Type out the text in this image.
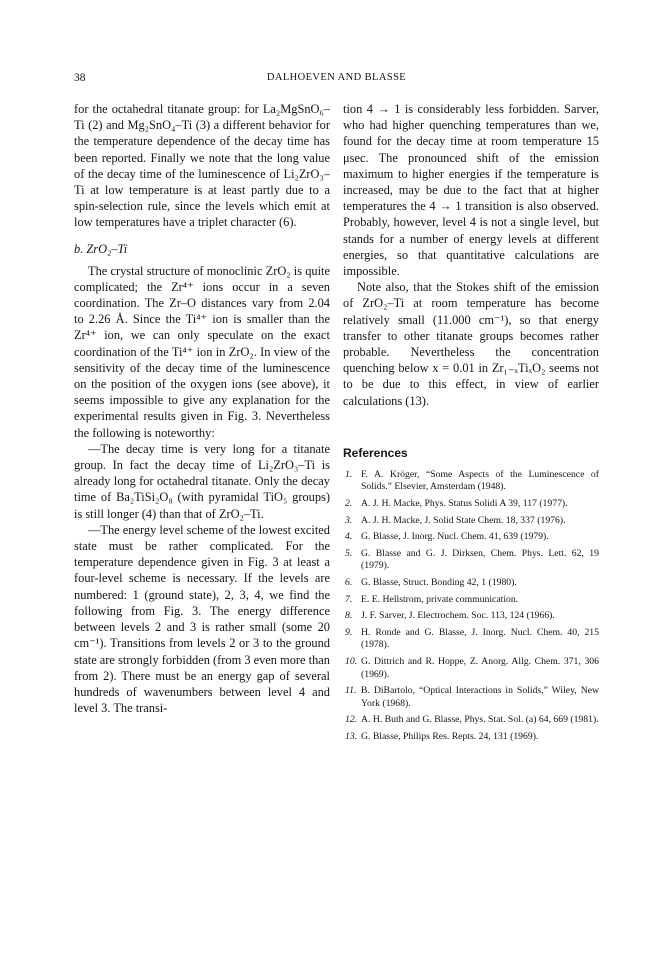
38	DALHOEVEN AND BLASSE

for the octahedral titanate group: for La₂MgSnO₆–Ti (2) and Mg₂SnO₄–Ti (3) a different behavior for the temperature dependence of the decay time has been reported. Finally we note that the long value of the decay time of the luminescence of Li₂ZrO₃–Ti at low temperature is at least partly due to a spin-selection rule, since the levels which emit at low temperatures have a triplet character (6).

b. ZrO₂–Ti

The crystal structure of monoclinic ZrO₂ is quite complicated; the Zr⁴⁺ ions occur in a seven coordination. The Zr–O distances vary from 2.04 to 2.26 Å. Since the Ti⁴⁺ ion is smaller than the Zr⁴⁺ ion, we can only speculate on the exact coordination of the Ti⁴⁺ ion in ZrO₂. In view of the sensitivity of the decay time of the luminescence on the position of the oxygen ions (see above), it seems impossible to give any explanation for the experimental results given in Fig. 3. Nevertheless the following is noteworthy:

—The decay time is very long for a titanate group. In fact the decay time of Li₂ZrO₃–Ti is already long for octahedral titanate. Only the decay time of Ba₂TiSi₂O₈ (with pyramidal TiO₅ groups) is still longer (4) than that of ZrO₂–Ti.

—The energy level scheme of the lowest excited state must be rather complicated. For the temperature dependence given in Fig. 3 at least a four-level scheme is necessary. If the levels are numbered: 1 (ground state), 2, 3, 4, we find the following from Fig. 3. The energy difference between levels 2 and 3 is rather small (some 20 cm⁻¹). Transitions from levels 2 or 3 to the ground state are strongly forbidden (from 3 even more than from 2). There must be an energy gap of several hundreds of wavenumbers between level 4 and level 3. The transi-

tion 4 → 1 is considerably less forbidden. Sarver, who had higher quenching temperatures than we, found for the decay time at room temperature 15 μsec. The pronounced shift of the emission maximum to higher energies if the temperature is increased, may be due to the fact that at higher temperatures the 4 → 1 transition is also observed. Probably, however, level 4 is not a single level, but stands for a number of energy levels at different energies, so that quantitative calculations are impossible.

Note also, that the Stokes shift of the emission of ZrO₂–Ti at room temperature has become relatively small (11.000 cm⁻¹), so that energy transfer to other titanate groups becomes rather probable. Nevertheless the concentration quenching below x = 0.01 in Zr₁₋ₓTiₓO₂ seems not to be due to this effect, in view of earlier calculations (13).

References
1. F. A. Kröger, “Some Aspects of the Luminescence of Solids.” Elsevier, Amsterdam (1948).
2. A. J. H. Macke, Phys. Status Solidi A 39, 117 (1977).
3. A. J. H. Macke, J. Solid State Chem. 18, 337 (1976).
4. G. Blasse, J. Inorg. Nucl. Chem. 41, 639 (1979).
5. G. Blasse and G. J. Dirksen, Chem. Phys. Lett. 62, 19 (1979).
6. G. Blasse, Struct. Bonding 42, 1 (1980).
7. E. E. Hellstrom, private communication.
8. J. F. Sarver, J. Electrochem. Soc. 113, 124 (1966).
9. H. Ronde and G. Blasse, J. Inorg. Nucl. Chem. 40, 215 (1978).
10. G. Dittrich and R. Hoppe, Z. Anorg. Allg. Chem. 371, 306 (1969).
11. B. DiBartolo, “Optical Interactions in Solids,” Wiley, New York (1968).
12. A. H. Buth and G. Blasse, Phys. Stat. Sol. (a) 64, 669 (1981).
13. G. Blasse, Philips Res. Repts. 24, 131 (1969).
